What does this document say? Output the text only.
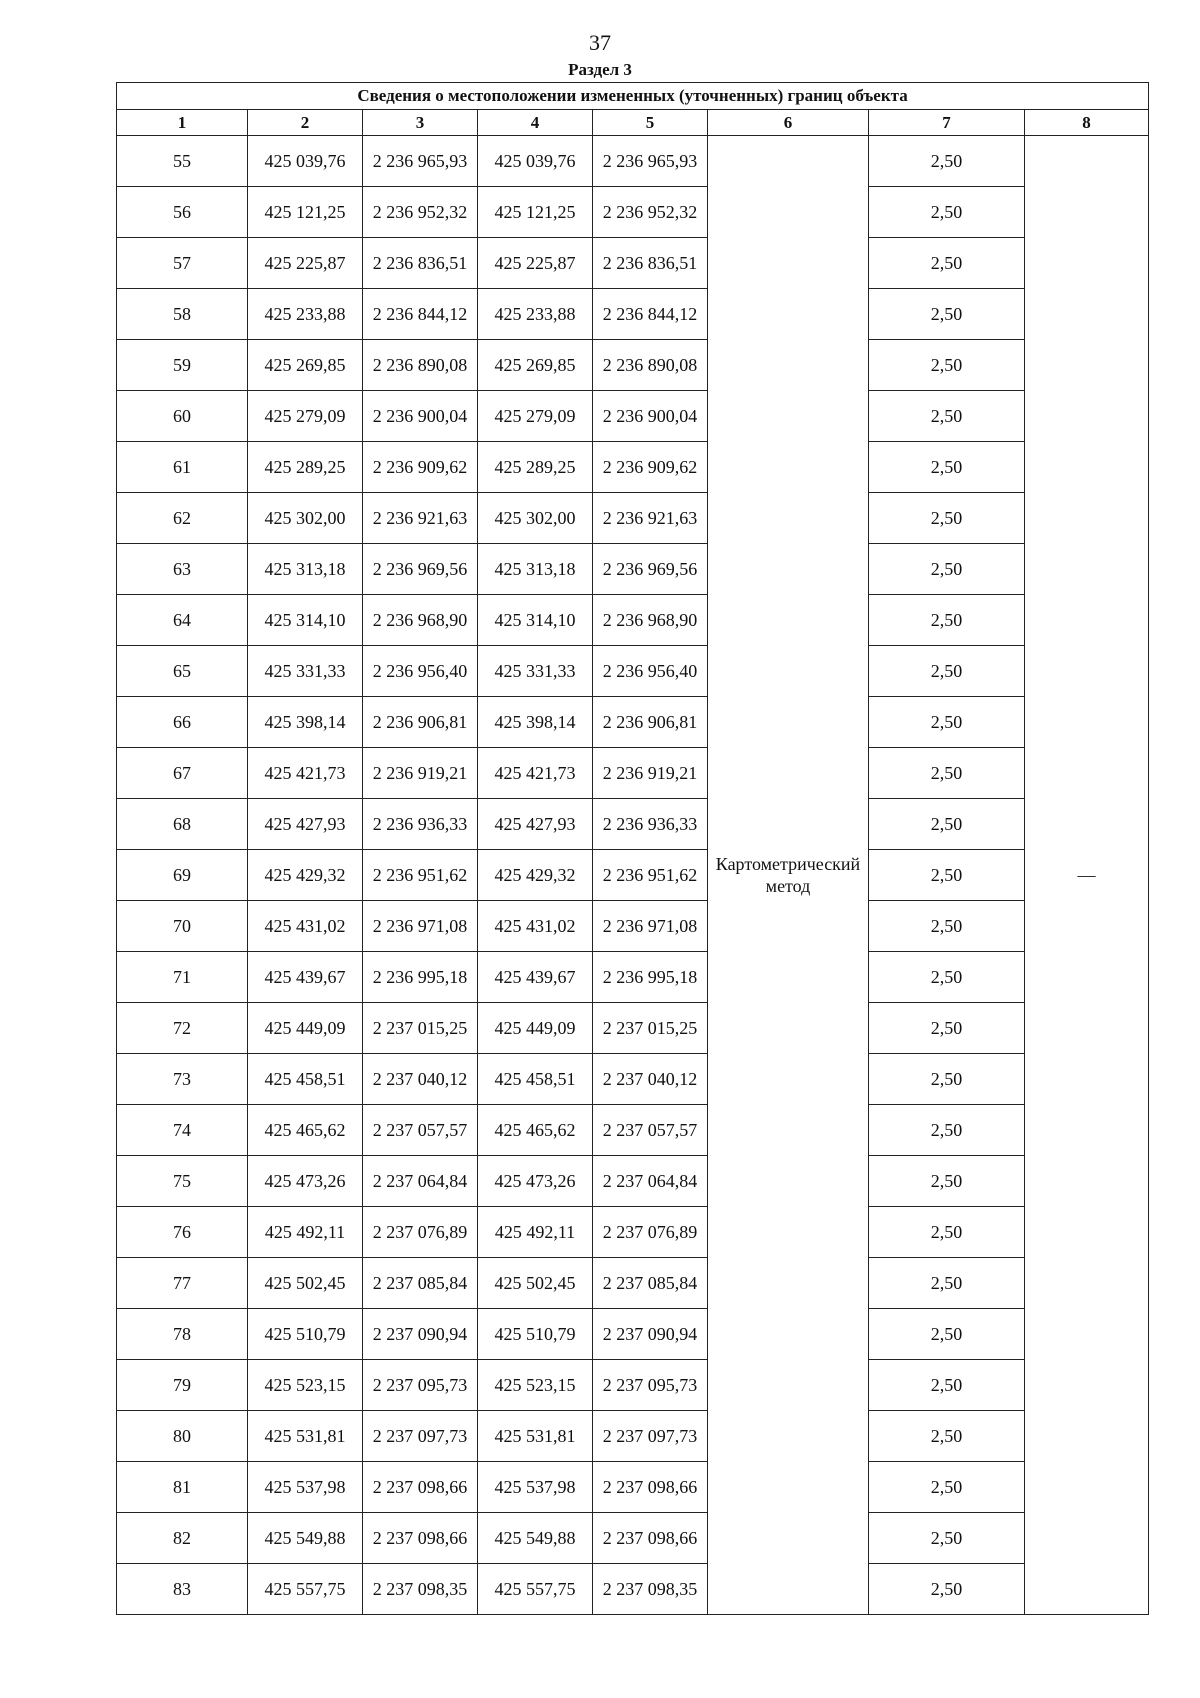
37
Раздел 3
Сведения о местоположении измененных (уточненных) границ объекта							
1	2	3	4	5	6	7	8
55	425 039,76	2 236 965,93	425 039,76	2 236 965,93	Картометрический метод	2,50	—
56	425 121,25	2 236 952,32	425 121,25	2 236 952,32		2,50	
57	425 225,87	2 236 836,51	425 225,87	2 236 836,51		2,50	
58	425 233,88	2 236 844,12	425 233,88	2 236 844,12		2,50	
59	425 269,85	2 236 890,08	425 269,85	2 236 890,08		2,50	
60	425 279,09	2 236 900,04	425 279,09	2 236 900,04		2,50	
61	425 289,25	2 236 909,62	425 289,25	2 236 909,62		2,50	
62	425 302,00	2 236 921,63	425 302,00	2 236 921,63		2,50	
63	425 313,18	2 236 969,56	425 313,18	2 236 969,56		2,50	
64	425 314,10	2 236 968,90	425 314,10	2 236 968,90		2,50	
65	425 331,33	2 236 956,40	425 331,33	2 236 956,40		2,50	
66	425 398,14	2 236 906,81	425 398,14	2 236 906,81		2,50	
67	425 421,73	2 236 919,21	425 421,73	2 236 919,21		2,50	
68	425 427,93	2 236 936,33	425 427,93	2 236 936,33		2,50	
69	425 429,32	2 236 951,62	425 429,32	2 236 951,62		2,50	
70	425 431,02	2 236 971,08	425 431,02	2 236 971,08		2,50	
71	425 439,67	2 236 995,18	425 439,67	2 236 995,18		2,50	
72	425 449,09	2 237 015,25	425 449,09	2 237 015,25		2,50	
73	425 458,51	2 237 040,12	425 458,51	2 237 040,12		2,50	
74	425 465,62	2 237 057,57	425 465,62	2 237 057,57		2,50	
75	425 473,26	2 237 064,84	425 473,26	2 237 064,84		2,50	
76	425 492,11	2 237 076,89	425 492,11	2 237 076,89		2,50	
77	425 502,45	2 237 085,84	425 502,45	2 237 085,84		2,50	
78	425 510,79	2 237 090,94	425 510,79	2 237 090,94		2,50	
79	425 523,15	2 237 095,73	425 523,15	2 237 095,73		2,50	
80	425 531,81	2 237 097,73	425 531,81	2 237 097,73		2,50	
81	425 537,98	2 237 098,66	425 537,98	2 237 098,66		2,50	
82	425 549,88	2 237 098,66	425 549,88	2 237 098,66		2,50	
83	425 557,75	2 237 098,35	425 557,75	2 237 098,35		2,50	
